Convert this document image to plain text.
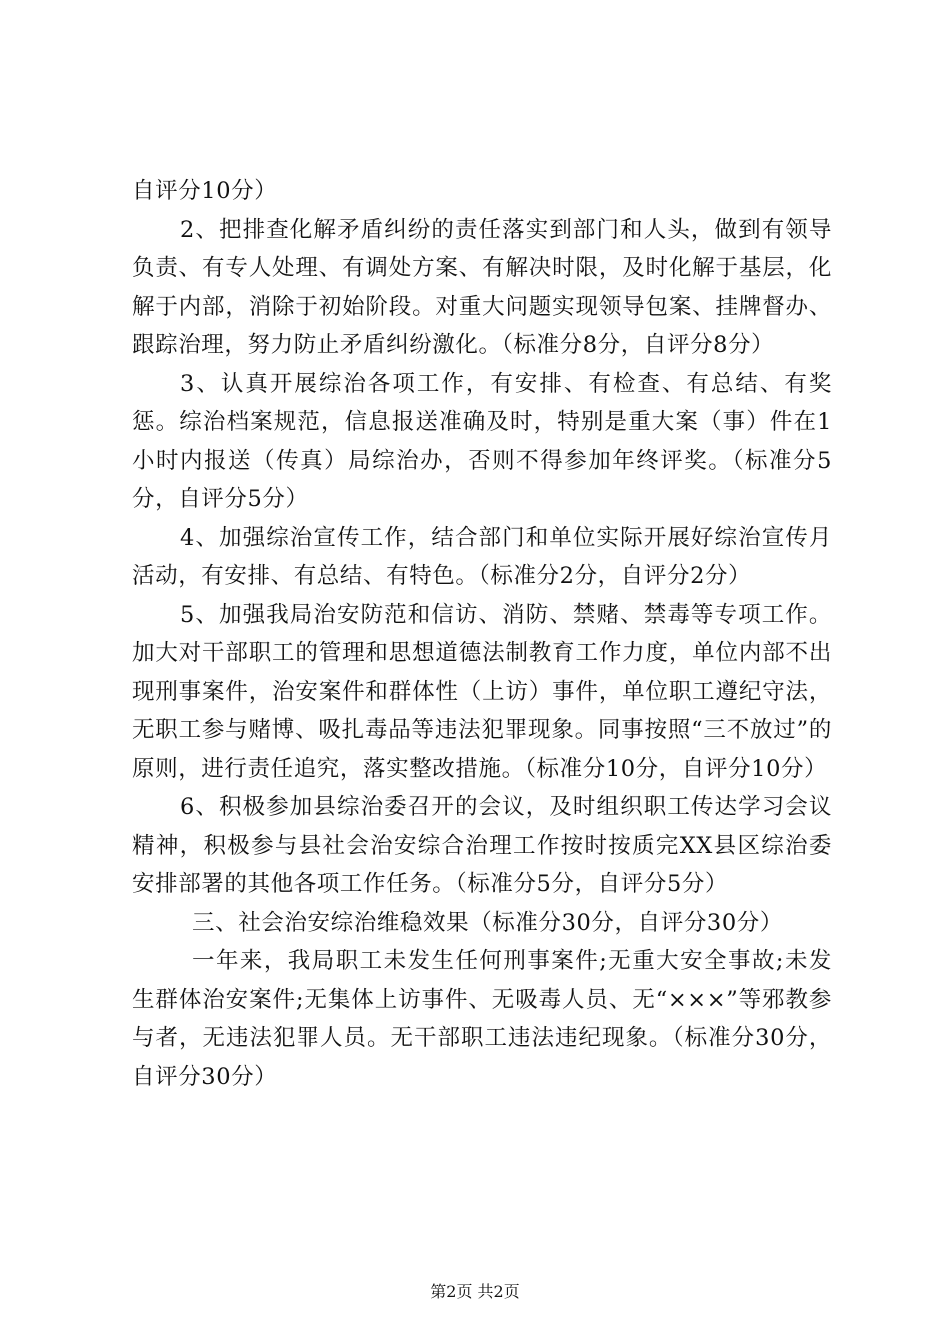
自评分10分）

2、把排查化解矛盾纠纷的责任落实到部门和人头，做到有领导负责、有专人处理、有调处方案、有解决时限，及时化解于基层，化解于内部，消除于初始阶段。对重大问题实现领导包案、挂牌督办、跟踪治理，努力防止矛盾纠纷激化。（标准分8分，自评分8分）

3、认真开展综治各项工作，有安排、有检查、有总结、有奖惩。综治档案规范，信息报送准确及时，特别是重大案（事）件在1小时内报送（传真）局综治办，否则不得参加年终评奖。（标准分5分，自评分5分）

4、加强综治宣传工作，结合部门和单位实际开展好综治宣传月活动，有安排、有总结、有特色。（标准分2分，自评分2分）

5、加强我局治安防范和信访、消防、禁赌、禁毒等专项工作。加大对干部职工的管理和思想道德法制教育工作力度，单位内部不出现刑事案件，治安案件和群体性（上访）事件，单位职工遵纪守法，无职工参与赌博、吸扎毒品等违法犯罪现象。同事按照“三不放过”的原则，进行责任追究，落实整改措施。（标准分10分，自评分10分）

6、积极参加县综治委召开的会议，及时组织职工传达学习会议精神，积极参与县社会治安综合治理工作按时按质完XX县区综治委安排部署的其他各项工作任务。（标准分5分，自评分5分）

三、社会治安综治维稳效果（标准分30分，自评分30分）

一年来，我局职工未发生任何刑事案件;无重大安全事故;未发生群体治安案件;无集体上访事件、无吸毒人员、无“×××”等邪教参与者，无违法犯罪人员。无干部职工违法违纪现象。（标准分30分，自评分30分）

第2页 共2页
